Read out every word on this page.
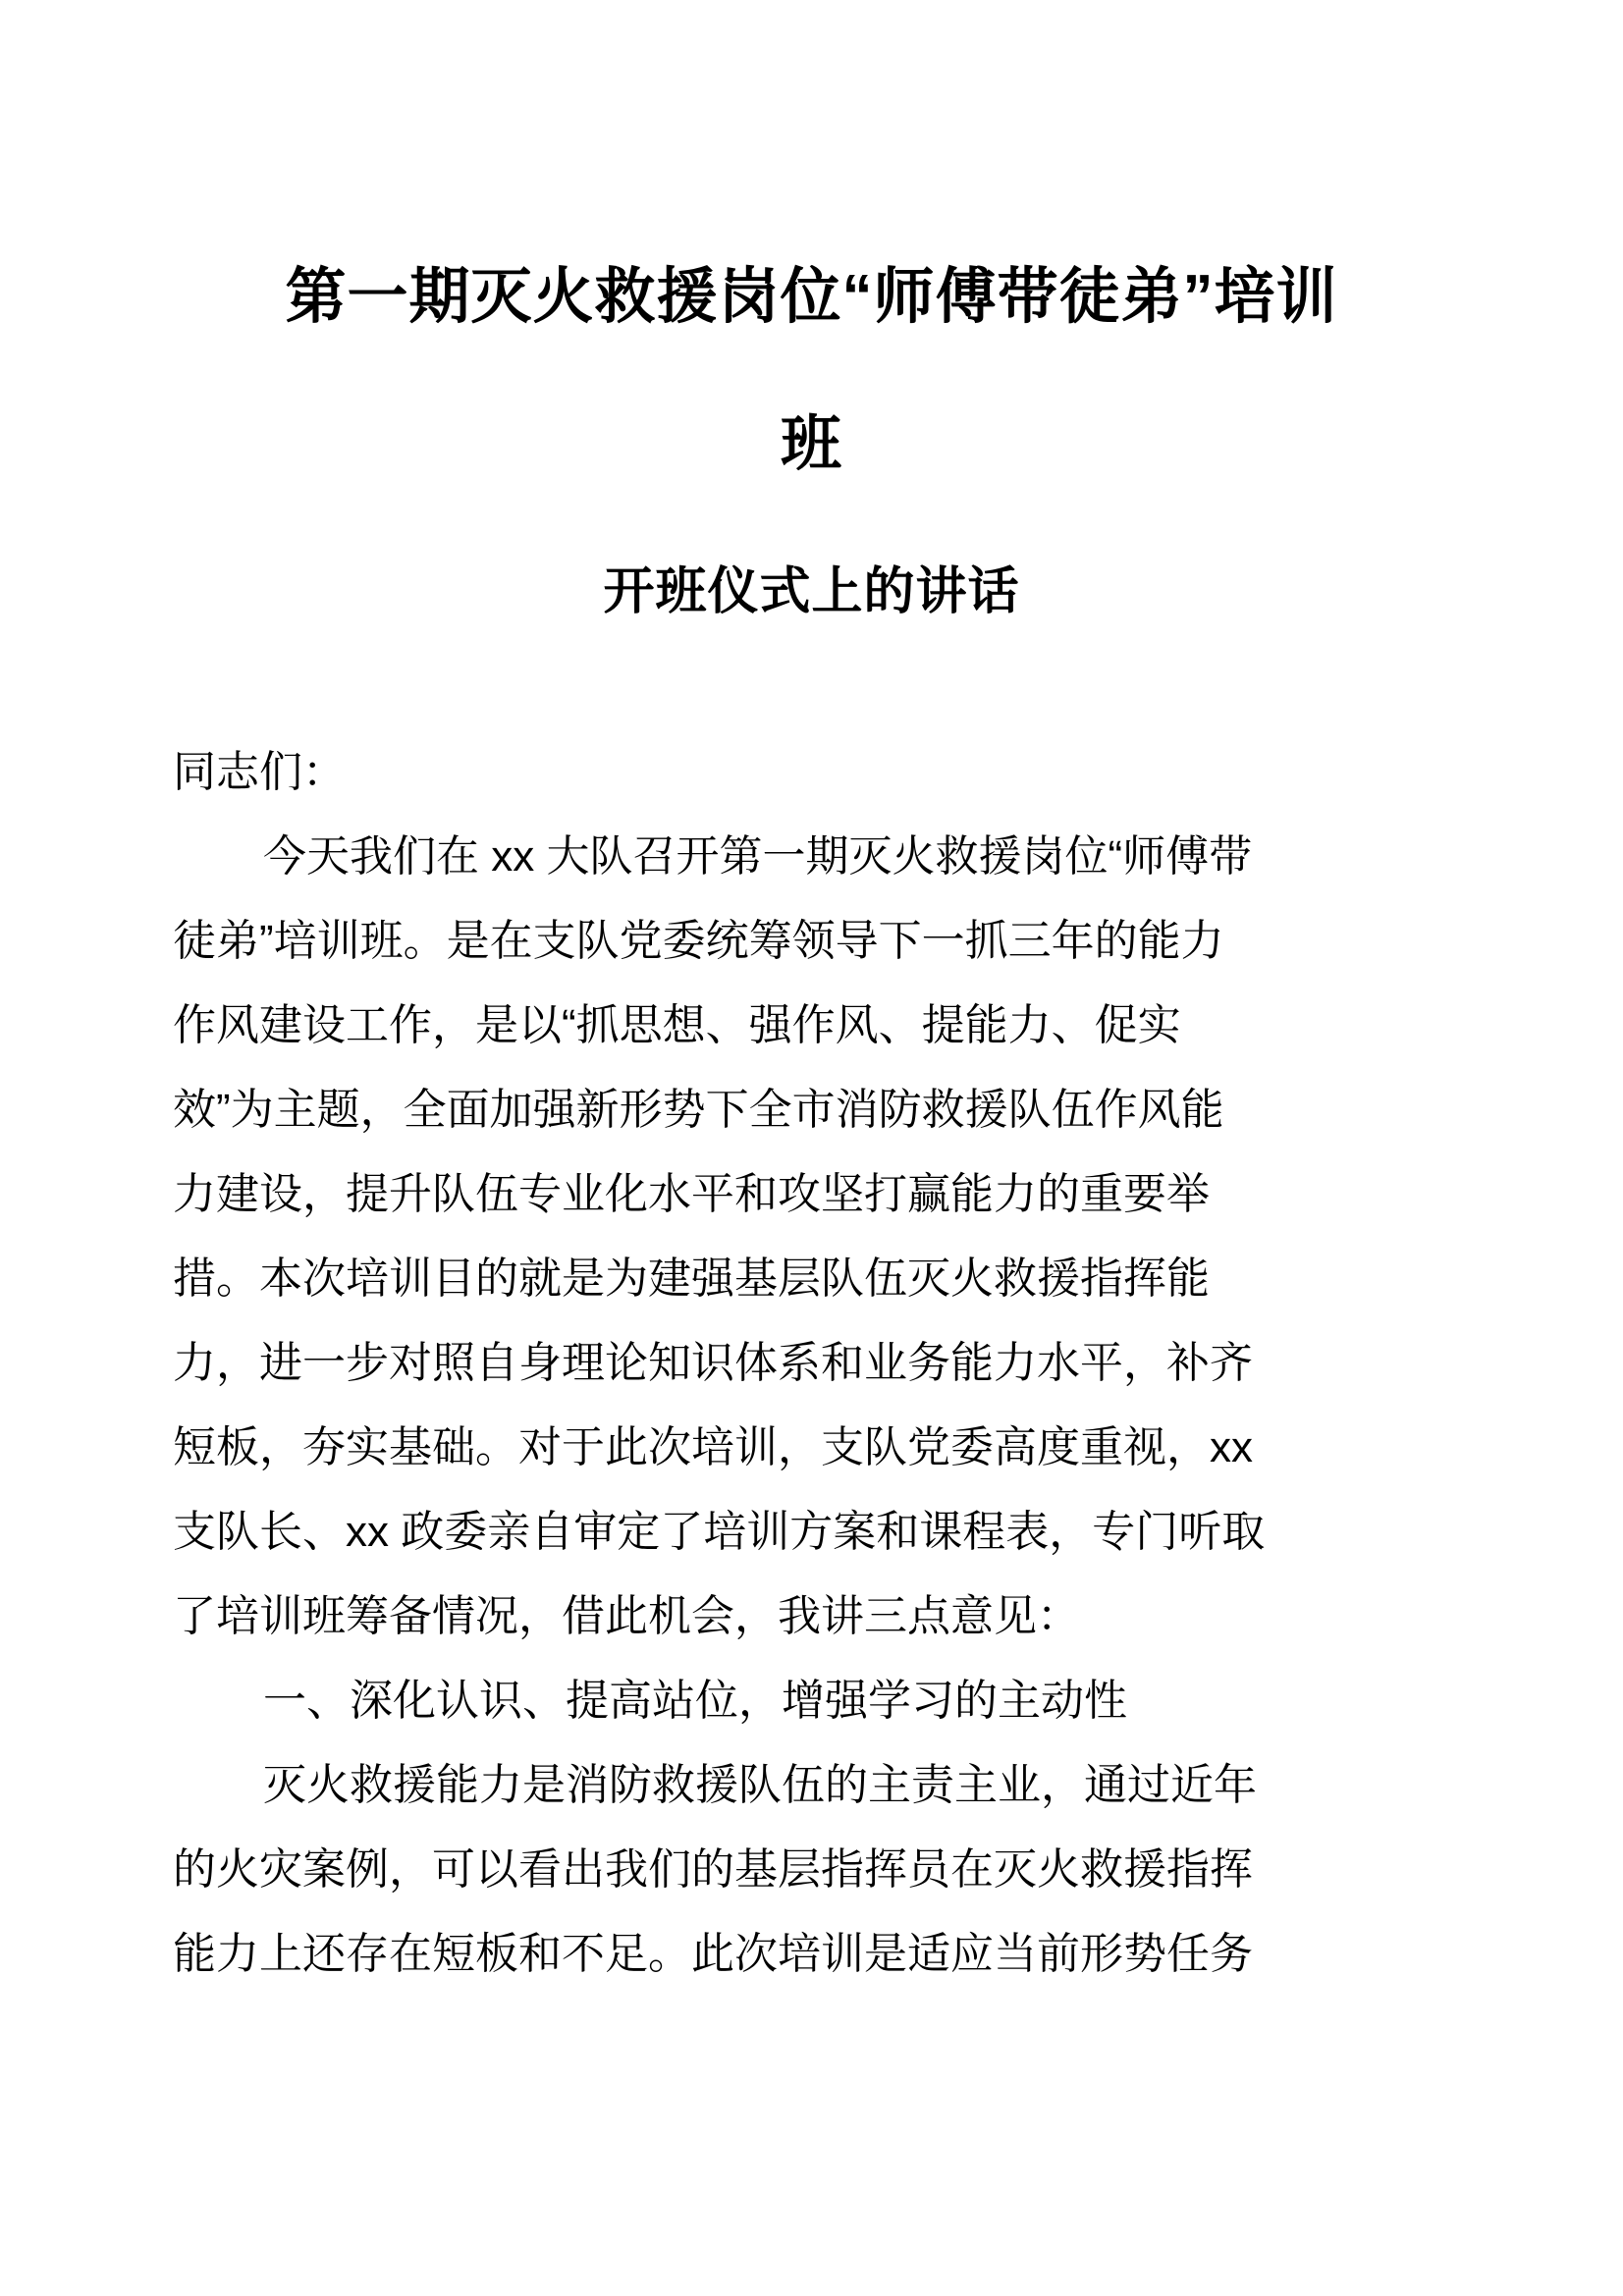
第一期灭火救援岗位“师傅带徒弟”培训
班
开班仪式上的讲话

同志们：

今天我们在 xx 大队召开第一期灭火救援岗位“师傅带
徒弟”培训班。是在支队党委统筹领导下一抓三年的能力
作风建设工作，是以“抓思想、强作风、提能力、促实
效”为主题，全面加强新形势下全市消防救援队伍作风能
力建设，提升队伍专业化水平和攻坚打赢能力的重要举
措。本次培训目的就是为建强基层队伍灭火救援指挥能
力，进一步对照自身理论知识体系和业务能力水平，补齐
短板，夯实基础。对于此次培训，支队党委高度重视，xx
支队长、xx 政委亲自审定了培训方案和课程表，专门听取
了培训班筹备情况，借此机会，我讲三点意见：
一、深化认识、提高站位，增强学习的主动性
灭火救援能力是消防救援队伍的主责主业，通过近年
的火灾案例，可以看出我们的基层指挥员在灭火救援指挥
能力上还存在短板和不足。此次培训是适应当前形势任务
